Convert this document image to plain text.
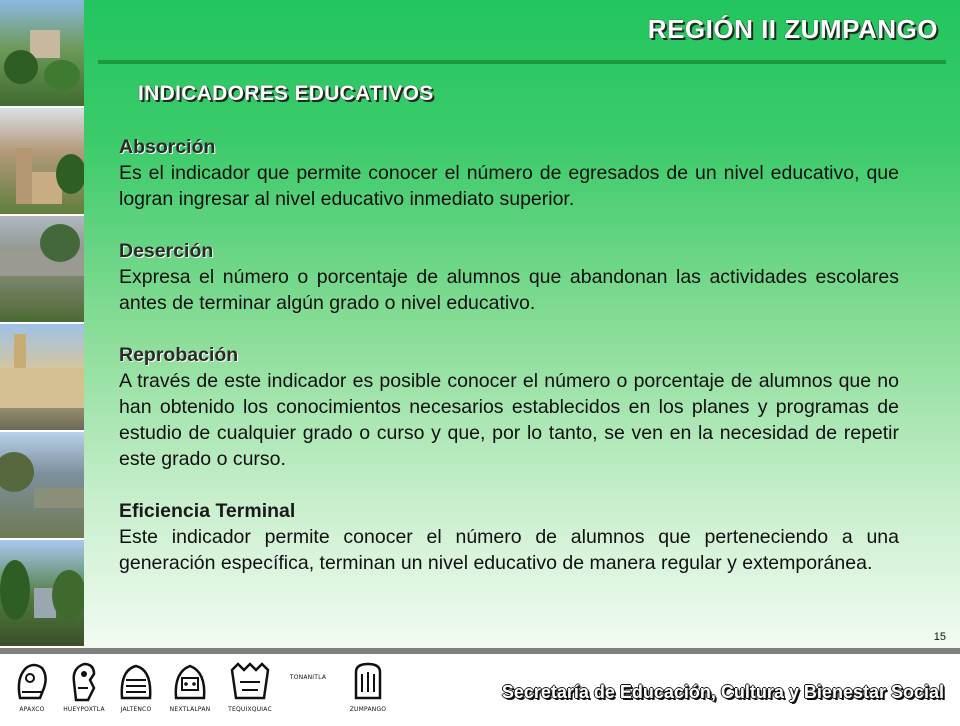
REGIÓN II ZUMPANGO
INDICADORES EDUCATIVOS
Absorción
Es el indicador que permite conocer el número de egresados de un nivel educativo, que logran ingresar al nivel educativo inmediato superior.
Deserción
Expresa el número o porcentaje de alumnos que abandonan las actividades escolares antes de terminar algún grado o nivel educativo.
Reprobación
A través de este indicador es posible conocer el número o porcentaje de alumnos que no han obtenido los conocimientos necesarios establecidos en los planes y programas de estudio de cualquier grado o curso y que, por lo tanto, se ven en la necesidad de repetir este grado o curso.
Eficiencia Terminal
Este indicador permite conocer el número de alumnos que perteneciendo a una generación específica, terminan un nivel educativo de manera regular y extemporánea.
15
APAXCO	HUEYPOXTLA	JALTENCO	NEXTLALPAN	TEQUIXQUIAC
TONANITLA
ZUMPANGO
Secretaría de Educación, Cultura y Bienestar Social
